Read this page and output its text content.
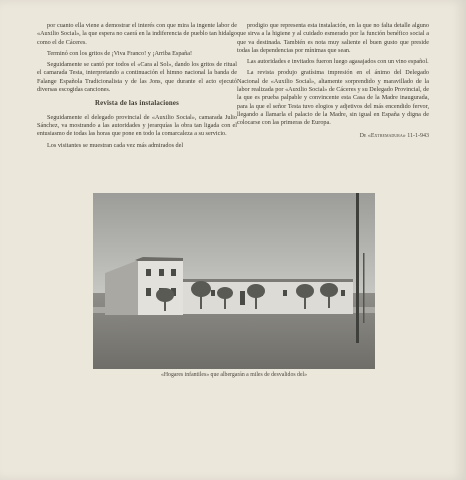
por cuanto ella viene a demostrar el interés con que mira la ingente labor de «Auxilio Social», la que espera no caerá en la indiferencia de pueblo tan hidalgo como el de Cáceres.

Terminó con los gritos de ¡Viva Franco! y ¡Arriba España!

Seguidamente se cantó por todos el «Cara al Sol», dando los gritos de ritual el camarada Testa, interpretando a continuación el himno nacional la banda de Falange Española Tradicionalista y de las Jons, que durante el acto ejecutó diversas escogidas canciones.

Revista de las instalaciones

Seguidamente el delegado provincial de «Auxilio Social», camarada Julio Sánchez, va mostrando a las autoridades y jerarquías la obra tan ligada con el entusiasmo de todas las horas que pone en todo la comarcaleza a su servicio.

Los visitantes se muestran cada vez más admirados del

prodigio que representa esta instalación, en la que no falta detalle alguno que sirva a la higiene y al cuidado esmerado por la función benéfico social a que va destinada. También es nota muy saliente el buen gusto que preside todas las dependencias por mínimas que sean.

Las autoridades e invitados fueron luego agasajados con un vino español.

La revista produjo gratísima impresión en el ánimo del Delegado Nacional de «Auxilio Social», altamente sorprendido y maravillado de la labor realizada por «Auxilio Social» de Cáceres y su Delegado Provincial, de la que es prueba palpable y convincente esta Casa de la Madre inaugurada, para la que el señor Testa tuvo elogios y adjetivos del más encendido fervor, llegando a llamarla el palacio de la Madre, sin igual en España y digna de colocarse con las primeras de Europa.

De «Extremadura» 11-1-943
«Hogares infantiles» que albergarán a miles de desvalidos del»
